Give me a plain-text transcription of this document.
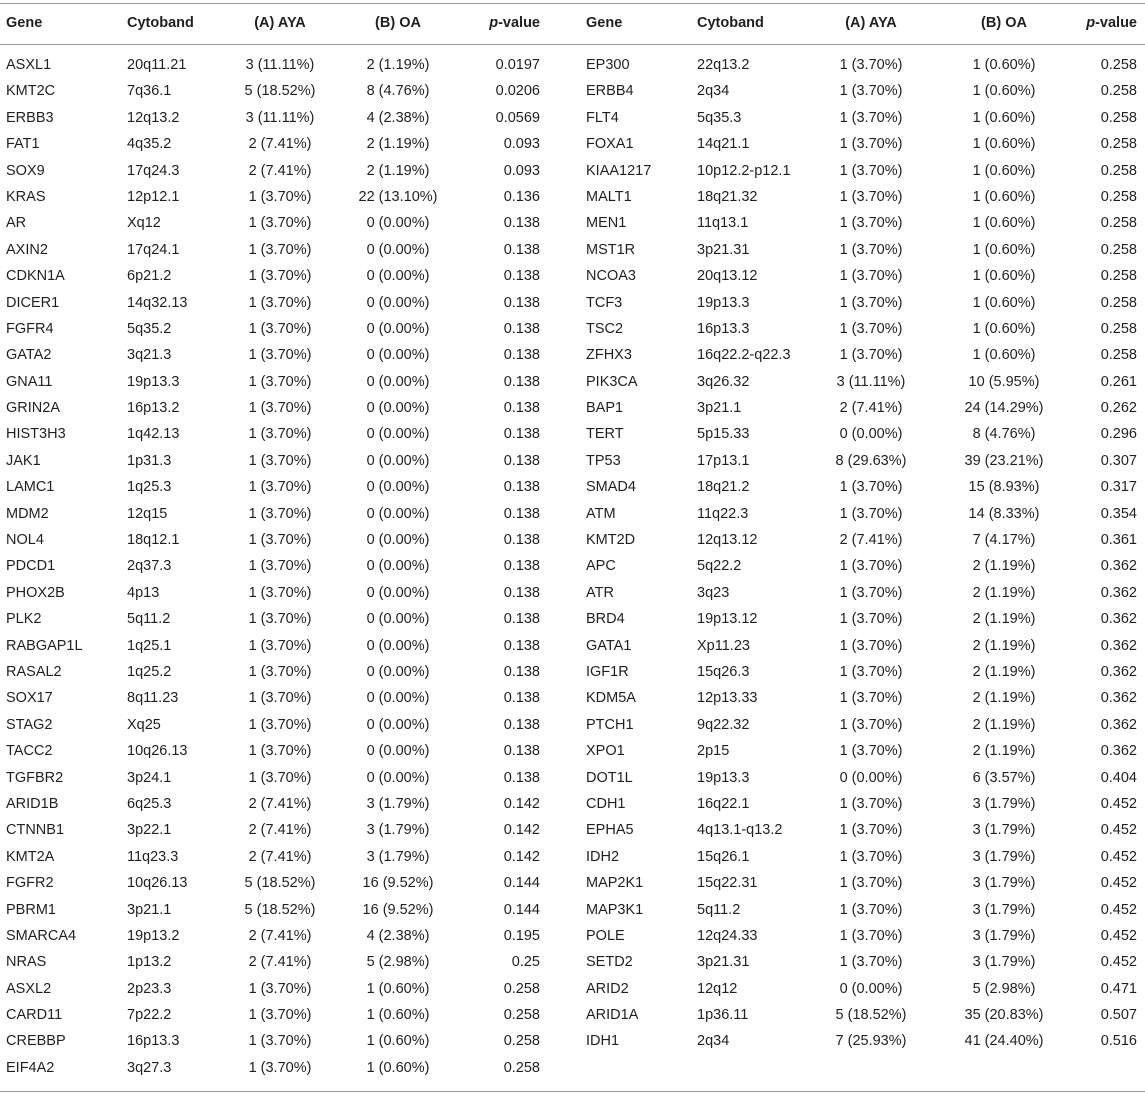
Gene	Cytoband	(A) AYA	(B) OA	p-value	Gene	Cytoband	(A) AYA	(B) OA	p-value
ASXL1	20q11.21	3 (11.11%)	2 (1.19%)	0.0197
KMT2C	7q36.1	5 (18.52%)	8 (4.76%)	0.0206
ERBB3	12q13.2	3 (11.11%)	4 (2.38%)	0.0569
FAT1	4q35.2	2 (7.41%)	2 (1.19%)	0.093
SOX9	17q24.3	2 (7.41%)	2 (1.19%)	0.093
KRAS	12p12.1	1 (3.70%)	22 (13.10%)	0.136
AR	Xq12	1 (3.70%)	0 (0.00%)	0.138
AXIN2	17q24.1	1 (3.70%)	0 (0.00%)	0.138
CDKN1A	6p21.2	1 (3.70%)	0 (0.00%)	0.138
DICER1	14q32.13	1 (3.70%)	0 (0.00%)	0.138
FGFR4	5q35.2	1 (3.70%)	0 (0.00%)	0.138
GATA2	3q21.3	1 (3.70%)	0 (0.00%)	0.138
GNA11	19p13.3	1 (3.70%)	0 (0.00%)	0.138
GRIN2A	16p13.2	1 (3.70%)	0 (0.00%)	0.138
HIST3H3	1q42.13	1 (3.70%)	0 (0.00%)	0.138
JAK1	1p31.3	1 (3.70%)	0 (0.00%)	0.138
LAMC1	1q25.3	1 (3.70%)	0 (0.00%)	0.138
MDM2	12q15	1 (3.70%)	0 (0.00%)	0.138
NOL4	18q12.1	1 (3.70%)	0 (0.00%)	0.138
PDCD1	2q37.3	1 (3.70%)	0 (0.00%)	0.138
PHOX2B	4p13	1 (3.70%)	0 (0.00%)	0.138
PLK2	5q11.2	1 (3.70%)	0 (0.00%)	0.138
RABGAP1L	1q25.1	1 (3.70%)	0 (0.00%)	0.138
RASAL2	1q25.2	1 (3.70%)	0 (0.00%)	0.138
SOX17	8q11.23	1 (3.70%)	0 (0.00%)	0.138
STAG2	Xq25	1 (3.70%)	0 (0.00%)	0.138
TACC2	10q26.13	1 (3.70%)	0 (0.00%)	0.138
TGFBR2	3p24.1	1 (3.70%)	0 (0.00%)	0.138
ARID1B	6q25.3	2 (7.41%)	3 (1.79%)	0.142
CTNNB1	3p22.1	2 (7.41%)	3 (1.79%)	0.142
KMT2A	11q23.3	2 (7.41%)	3 (1.79%)	0.142
FGFR2	10q26.13	5 (18.52%)	16 (9.52%)	0.144
PBRM1	3p21.1	5 (18.52%)	16 (9.52%)	0.144
SMARCA4	19p13.2	2 (7.41%)	4 (2.38%)	0.195
NRAS	1p13.2	2 (7.41%)	5 (2.98%)	0.25
ASXL2	2p23.3	1 (3.70%)	1 (0.60%)	0.258
CARD11	7p22.2	1 (3.70%)	1 (0.60%)	0.258
CREBBP	16p13.3	1 (3.70%)	1 (0.60%)	0.258
EIF4A2	3q27.3	1 (3.70%)	1 (0.60%)	0.258
EP300	22q13.2	1 (3.70%)	1 (0.60%)	0.258
ERBB4	2q34	1 (3.70%)	1 (0.60%)	0.258
FLT4	5q35.3	1 (3.70%)	1 (0.60%)	0.258
FOXA1	14q21.1	1 (3.70%)	1 (0.60%)	0.258
KIAA1217	10p12.2-p12.1	1 (3.70%)	1 (0.60%)	0.258
MALT1	18q21.32	1 (3.70%)	1 (0.60%)	0.258
MEN1	11q13.1	1 (3.70%)	1 (0.60%)	0.258
MST1R	3p21.31	1 (3.70%)	1 (0.60%)	0.258
NCOA3	20q13.12	1 (3.70%)	1 (0.60%)	0.258
TCF3	19p13.3	1 (3.70%)	1 (0.60%)	0.258
TSC2	16p13.3	1 (3.70%)	1 (0.60%)	0.258
ZFHX3	16q22.2-q22.3	1 (3.70%)	1 (0.60%)	0.258
PIK3CA	3q26.32	3 (11.11%)	10 (5.95%)	0.261
BAP1	3p21.1	2 (7.41%)	24 (14.29%)	0.262
TERT	5p15.33	0 (0.00%)	8 (4.76%)	0.296
TP53	17p13.1	8 (29.63%)	39 (23.21%)	0.307
SMAD4	18q21.2	1 (3.70%)	15 (8.93%)	0.317
ATM	11q22.3	1 (3.70%)	14 (8.33%)	0.354
KMT2D	12q13.12	2 (7.41%)	7 (4.17%)	0.361
APC	5q22.2	1 (3.70%)	2 (1.19%)	0.362
ATR	3q23	1 (3.70%)	2 (1.19%)	0.362
BRD4	19p13.12	1 (3.70%)	2 (1.19%)	0.362
GATA1	Xp11.23	1 (3.70%)	2 (1.19%)	0.362
IGF1R	15q26.3	1 (3.70%)	2 (1.19%)	0.362
KDM5A	12p13.33	1 (3.70%)	2 (1.19%)	0.362
PTCH1	9q22.32	1 (3.70%)	2 (1.19%)	0.362
XPO1	2p15	1 (3.70%)	2 (1.19%)	0.362
DOT1L	19p13.3	0 (0.00%)	6 (3.57%)	0.404
CDH1	16q22.1	1 (3.70%)	3 (1.79%)	0.452
EPHA5	4q13.1-q13.2	1 (3.70%)	3 (1.79%)	0.452
IDH2	15q26.1	1 (3.70%)	3 (1.79%)	0.452
MAP2K1	15q22.31	1 (3.70%)	3 (1.79%)	0.452
MAP3K1	5q11.2	1 (3.70%)	3 (1.79%)	0.452
POLE	12q24.33	1 (3.70%)	3 (1.79%)	0.452
SETD2	3p21.31	1 (3.70%)	3 (1.79%)	0.452
ARID2	12q12	0 (0.00%)	5 (2.98%)	0.471
ARID1A	1p36.11	5 (18.52%)	35 (20.83%)	0.507
IDH1	2q34	7 (25.93%)	41 (24.40%)	0.516
